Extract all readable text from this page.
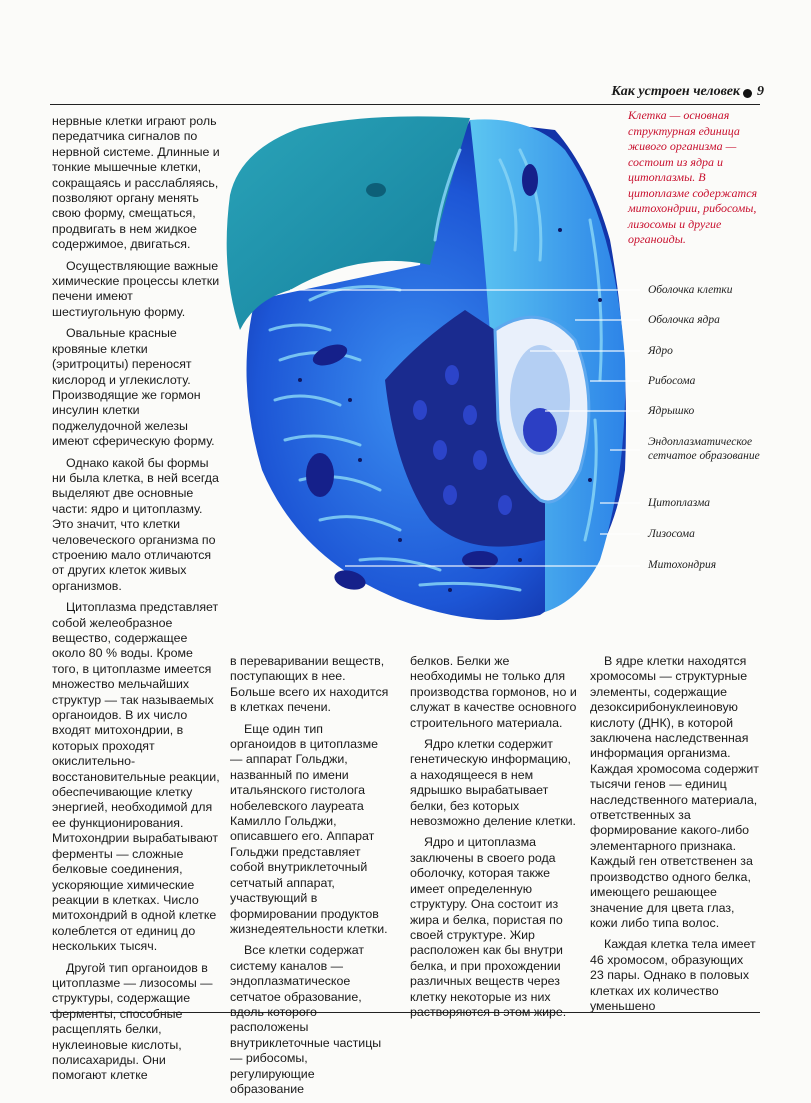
Как устроен человек 9
Клетка — основная структурная единица живого организма — состоит из ядра и цитоплазмы. В цитоплазме содержатся митохондрии, рибосомы, лизосомы и другие органоиды.
Оболочка клетки
Оболочка ядра
Ядро
Рибосома
Ядрышко
Эндоплазматическое сетчатое образование
Цитоплазма
Лизосома
Митохондрия

нервные клетки играют роль передатчика сигналов по нервной системе. Длинные и тонкие мышечные клетки, сокращаясь и расслабляясь, позволяют органу менять свою форму, смещаться, продвигать в нем жидкое содержимое, двигаться.

Осуществляющие важные химические процессы клетки печени имеют шестиугольную форму.

Овальные красные кровяные клетки (эритроциты) переносят кислород и углекислоту. Производящие же гормон инсулин клетки поджелудочной железы имеют сферическую форму.

Однако какой бы формы ни была клетка, в ней всегда выделяют две основные части: ядро и цитоплазму. Это значит, что клетки человеческого организма по строению мало отличаются от других клеток живых организмов.

Цитоплазма представляет собой желеобразное вещество, содержащее около 80 % воды. Кроме того, в цитоплазме имеется множество мельчайших структур — так называемых органоидов. В их число входят митохондрии, в которых проходят окислительно-восстановительные реакции, обеспечивающие клетку энергией, необходимой для ее функционирования. Митохондрии вырабатывают ферменты — сложные белковые соединения, ускоряющие химические реакции в клетках. Число митохондрий в одной клетке колеблется от единиц до нескольких тысяч.

Другой тип органоидов в цитоплазме — лизосомы — структуры, содержащие ферменты, способные расщеплять белки, нуклеиновые кислоты, полисахариды. Они помогают клетке

в переваривании веществ, поступающих в нее. Больше всего их находится в клетках печени.

Еще один тип органоидов в цитоплазме — аппарат Гольджи, названный по имени итальянского гистолога нобелевского лауреата Камилло Гольджи, описавшего его. Аппарат Гольджи представляет собой внутриклеточный сетчатый аппарат, участвующий в формировании продуктов жизнедеятельности клетки.

Все клетки содержат систему каналов — эндоплазматическое сетчатое образование, вдоль которого расположены внутриклеточные частицы — рибосомы, регулирующие образование

белков. Белки же необходимы не только для производства гормонов, но и служат в качестве основного строительного материала.

Ядро клетки содержит генетическую информацию, а находящееся в нем ядрышко вырабатывает белки, без которых невозможно деление клетки.

Ядро и цитоплазма заключены в своего рода оболочку, которая также имеет определенную структуру. Она состоит из жира и белка, пористая по своей структуре. Жир расположен как бы внутри белка, и при прохождении различных веществ через клетку некоторые из них растворяются в этом жире.

В ядре клетки находятся хромосомы — структурные элементы, содержащие дезоксирибонуклеиновую кислоту (ДНК), в которой заключена наследственная информация организма. Каждая хромосома содержит тысячи генов — единиц наследственного материала, ответственных за формирование какого-либо элементарного признака. Каждый ген ответственен за производство одного белка, имеющего решающее значение для цвета глаз, кожи либо типа волос.

Каждая клетка тела имеет 46 хромосом, образующих 23 пары. Однако в половых клетках их количество уменьшено
